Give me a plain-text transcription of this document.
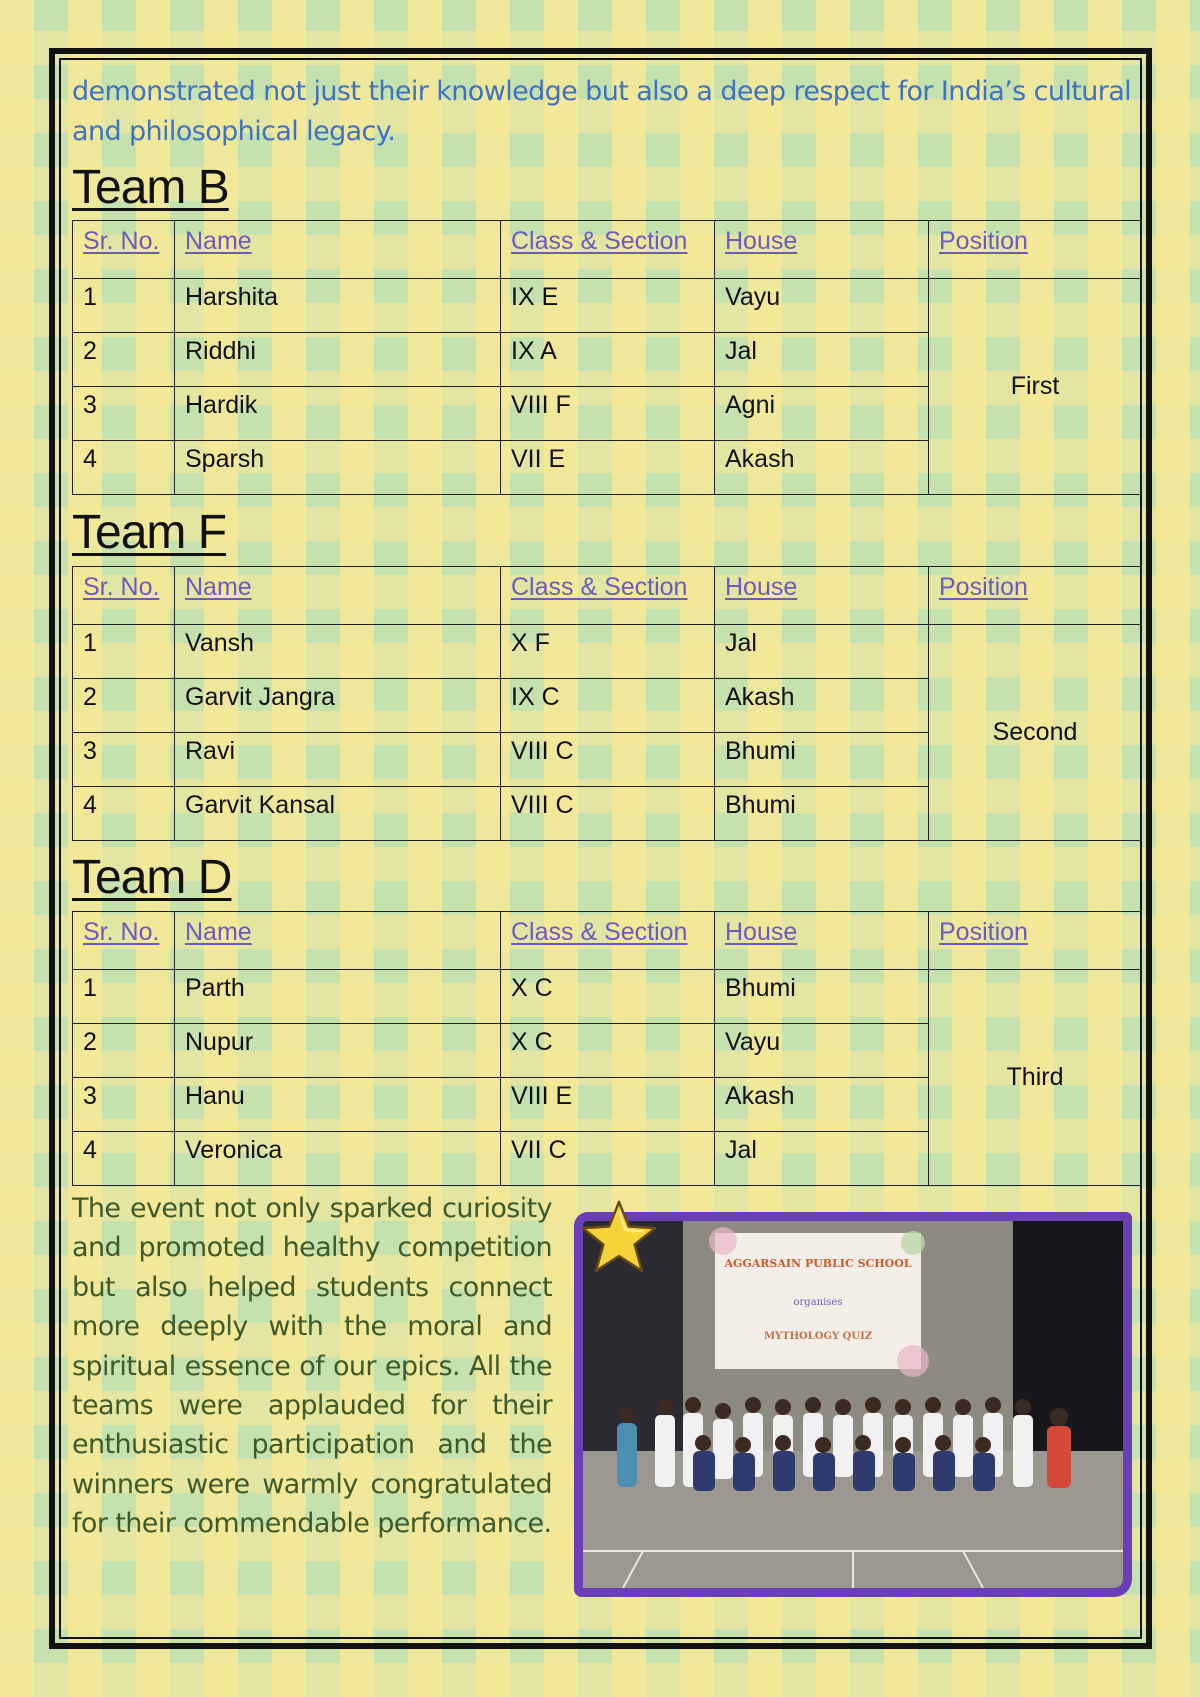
demonstrated not just their knowledge but also a deep respect for India’s cultural
and philosophical legacy.
Team B
Sr. No.	Name	Class & Section	House	Position
1	Harshita	IX E	Vayu	First
2	Riddhi	IX A	Jal	
3	Hardik	VIII F	Agni	
4	Sparsh	VII E	Akash	
Team F
Sr. No.	Name	Class & Section	House	Position
1	Vansh	X F	Jal	Second
2	Garvit Jangra	IX C	Akash	
3	Ravi	VIII C	Bhumi	
4	Garvit Kansal	VIII C	Bhumi	
Team D
Sr. No.	Name	Class & Section	House	Position
1	Parth	X C	Bhumi	Third
2	Nupur	X C	Vayu	
3	Hanu	VIII E	Akash	
4	Veronica	VII C	Jal	
The event not only sparked curiosity and promoted healthy competition but also helped students connect more deeply with the moral and spiritual essence of our epics. All the teams were applauded for their enthusiastic participation and the winners were warmly congratulated for their commendable performance.
AGGARSAIN PUBLIC SCHOOL
organises
MYTHOLOGY QUIZ
